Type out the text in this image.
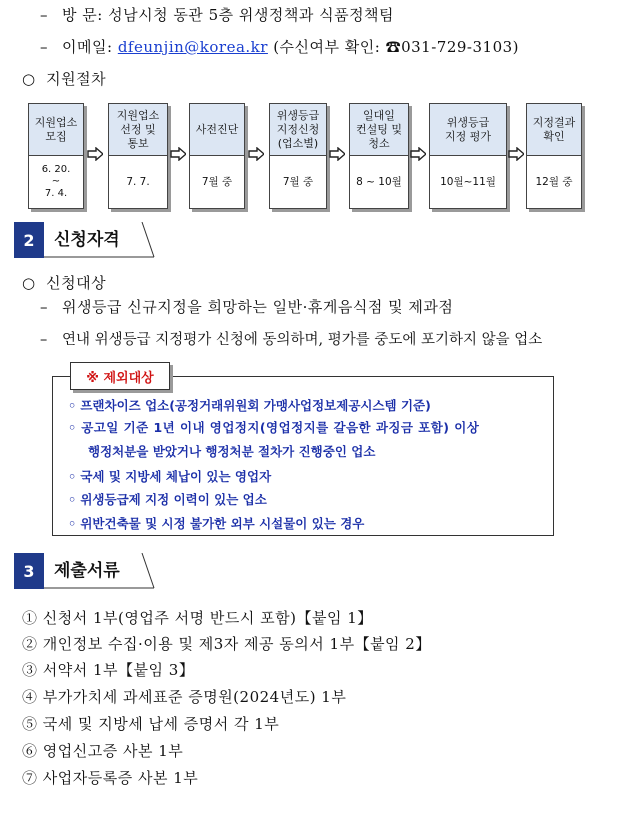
– 방 문: 성남시청 동관 5층 위생정책과 식품정책팀
– 이메일: dfeunjin@korea.kr (수신여부 확인: ☎031-729-3103)
○ 지원절차
지원업소
모집
6. 20.
~
7. 4.
지원업소
선정 및
통보
7. 7.
사전진단
7월 중
위생등급
지정신청
(업소별)
7월 중
일대일
컨설팅 및
청소
8 ~ 10월
위생등급
지정 평가
10월~11월
지정결과
확인
12월 중
2	신청자격
○ 신청대상
– 위생등급 신규지정을 희망하는 일반·휴게음식점 및 제과점
– 연내 위생등급 지정평가 신청에 동의하며, 평가를 중도에 포기하지 않을 업소
※ 제외대상
◦ 프랜차이즈 업소(공정거래위원회 가맹사업정보제공시스템 기준)
◦ 공고일 기준 1년 이내 영업정지(영업정지를 갈음한 과징금 포함) 이상
행정처분을 받았거나 행정처분 절차가 진행중인 업소
◦ 국세 및 지방세 체납이 있는 영업자
◦ 위생등급제 지정 이력이 있는 업소
◦ 위반건축물 및 시정 불가한 외부 시설물이 있는 경우
3	제출서류
① 신청서 1부(영업주 서명 반드시 포함)【붙임 1】
② 개인정보 수집·이용 및 제3자 제공 동의서 1부【붙임 2】
③ 서약서 1부【붙임 3】
④ 부가가치세 과세표준 증명원(2024년도) 1부
⑤ 국세 및 지방세 납세 증명서 각 1부
⑥ 영업신고증 사본 1부
⑦ 사업자등록증 사본 1부
